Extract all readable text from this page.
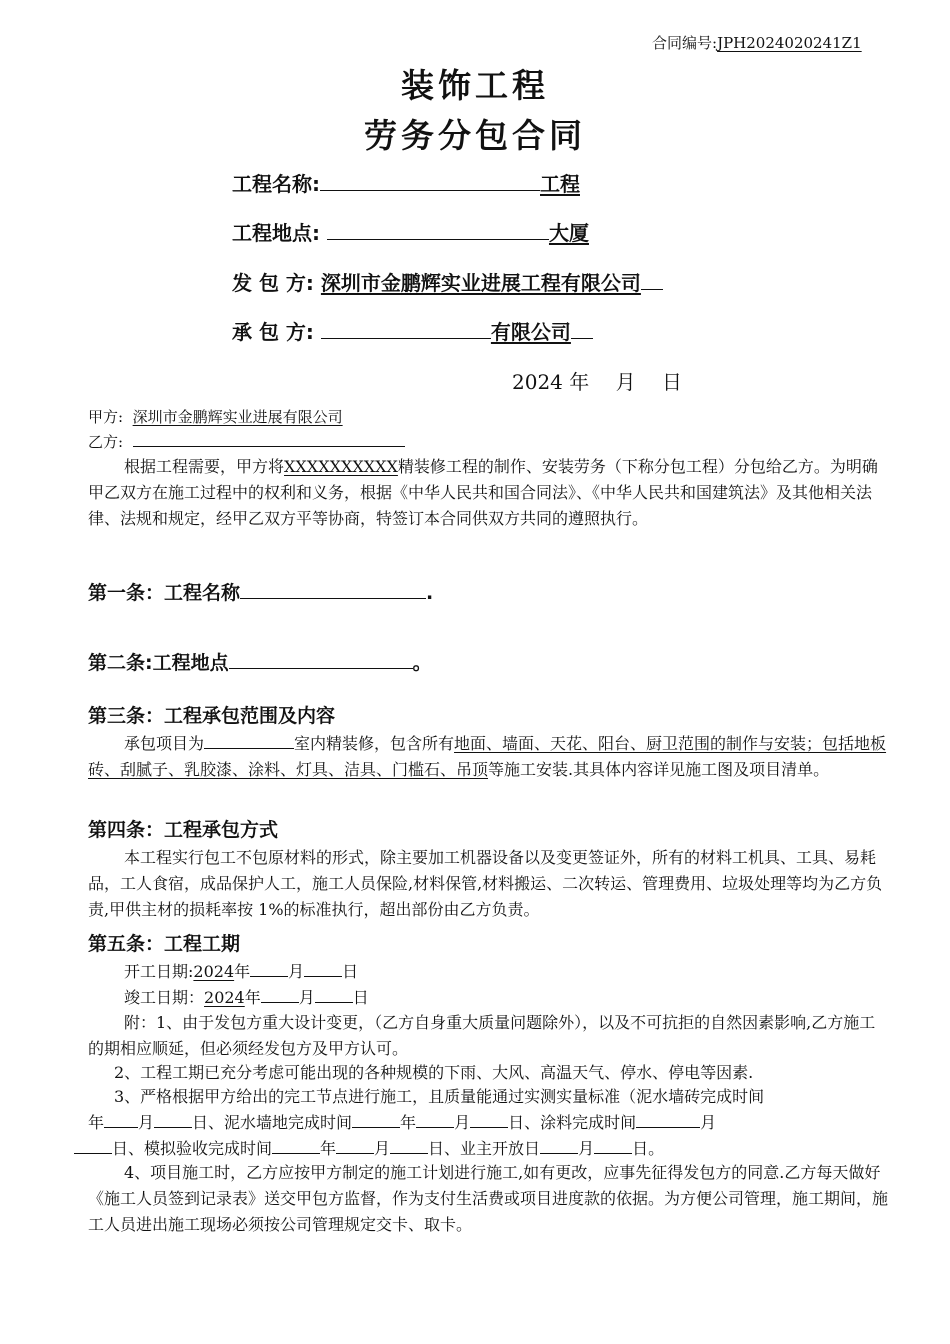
合同编号:JPH2024020241Z1
装饰工程
劳务分包合同
工程名称:	工程
工程地点:	大厦
发 包 方: 深圳市金鹏辉实业进展工程有限公司
承 包 方:	有限公司
2024 年　 月　 日
甲方: 深圳市金鹏辉实业进展有限公司
乙方:
根据工程需要，甲方将XXXXXXXXXX精装修工程的制作、安装劳务（下称分包工程）分包给乙方。为明确甲乙双方在施工过程中的权利和义务，根据《中华人民共和国合同法》、《中华人民共和国建筑法》及其他相关法律、法规和规定，经甲乙双方平等协商，特签订本合同供双方共同的遵照执行。
第一条：工程名称	.
第二条:工程地点	。
第三条：工程承包范围及内容
承包项目为	室内精装修，包含所有地面、墙面、天花、阳台、厨卫范围的制作与安装；包括地板砖、刮腻子、乳胶漆、涂料、灯具、洁具、门槛石、吊顶等施工安装.其具体内容详见施工图及项目清单。
第四条：工程承包方式
本工程实行包工不包原材料的形式，除主要加工机器设备以及变更签证外，所有的材料工机具、工具、易耗品，工人食宿，成品保护人工，施工人员保险,材料保管,材料搬运、二次转运、管理费用、垃圾处理等均为乙方负责,甲供主材的损耗率按 1%的标准执行，超出部份由乙方负责。
第五条：工程工期
开工日期:2024年 月 日
竣工日期：2024年 月 日
附：1、由于发包方重大设计变更，（乙方自身重大质量问题除外），以及不可抗拒的自然因素影响,乙方施工的期相应顺延，但必须经发包方及甲方认可。
2、工程工期已充分考虑可能出现的各种规模的下雨、大风、高温天气、停水、停电等因素.
3、严格根据甲方给出的完工节点进行施工，且质量能通过实测实量标准（泥水墙砖完成时间
年 月 日、泥水墙地完成时间	年 月 日、涂料完成时间	月
日、模拟验收完成时间	年 月 日、业主开放日 月 日。
4、项目施工时，乙方应按甲方制定的施工计划进行施工,如有更改，应事先征得发包方的同意.乙方每天做好《施工人员签到记录表》送交甲包方监督，作为支付生活费或项目进度款的依据。为方便公司管理，施工期间，施工人员进出施工现场必须按公司管理规定交卡、取卡。
